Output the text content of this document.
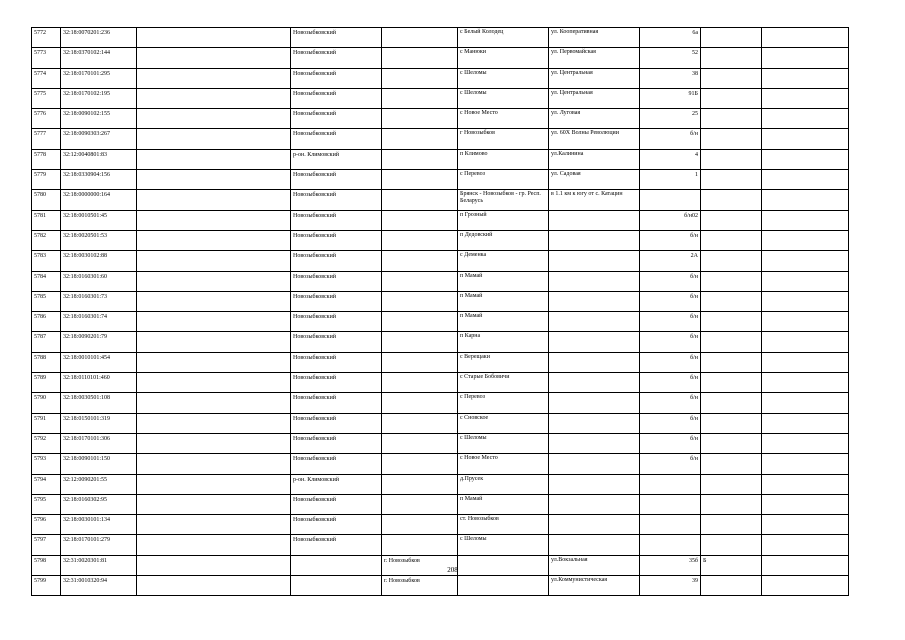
5772	32:18:0070201:236		Новозыбковский		с Белый Колодец	ул. Кооперативная	6а		
5773	32:18:0370102:144		Новозыбковский		с Манюки	ул. Первомайская	52		
5774	32:18:0170101:295		Новозыбковский		с Шеломы	ул. Центральная	38		
5775	32:18:0170102:195		Новозыбковский		с Шеломы	ул. Центральная	91Б		
5776	32:18:0090102:155		Новозыбковский		с Новое Место	ул. Луговая	25		
5777	32:18:0090303:267		Новозыбковский		г Новозыбков	ул. 60Х Волны Революции	б/н		
5778	32:12:0040801:83		р-он. Климовский		п Климово	ул.Калинина	4		
5779	32:18:0330904:156		Новозыбковский		с Перевоз	ул. Садовая	1		
5780	32:18:0000000:164		Новозыбковский		Брянск - Новозыбков - гр. Респ. Беларусь	в 1.1 км к югу от с. Катацин			
5781	32:18:0010501:45		Новозыбковский		п Грозный		б/н02		
5782	32:18:0020501:53		Новозыбковский		п Дедовский		б/н		
5783	32:18:0030102:88		Новозыбковский		с Деменка		2А		
5784	32:18:0160301:60		Новозыбковский		п Мамай		б/н		
5785	32:18:0160301:73		Новозыбковский		п Мамай		б/н		
5786	32:18:0160301:74		Новозыбковский		п Мамай		б/н		
5787	32:18:0090201:79		Новозыбковский		п Карна		б/н		
5788	32:18:0010101:454		Новозыбковский		с Верещаки		б/н		
5789	32:18:0110101:460		Новозыбковский		с Старые Бобовичи		б/н		
5790	32:18:0030501:108		Новозыбковский		с Перевоз		б/н		
5791	32:18:0150101:319		Новозыбковский		с Сновское		б/н		
5792	32:18:0170101:306		Новозыбковский		с Шеломы		б/н		
5793	32:18:0090101:150		Новозыбковский		с Новое Место		б/н		
5794	32:12:0090201:55		р-он. Климовский		д.Прусек				
5795	32:18:0160302:95		Новозыбковский		п Мамай				
5796	32:18:0030101:134		Новозыбковский		ст. Новозыбков				
5797	32:18:0170101:279		Новозыбковский		с Шеломы				
5798	32:31:0020301:81			г. Новозыбков		ул.Вокзальная	35б	Б	
5799	32:31:0010320:94			г. Новозыбков		ул.Коммунистическая	39		
208
